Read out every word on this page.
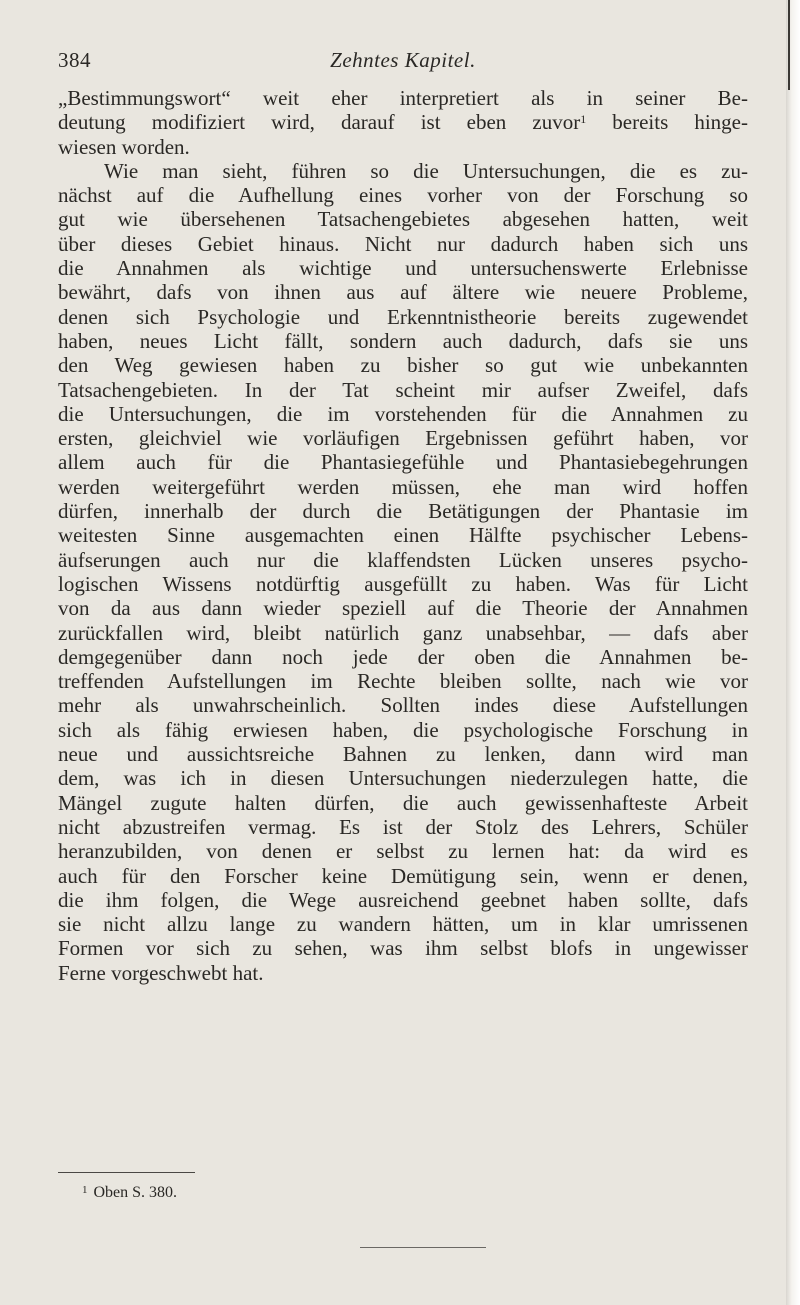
384	Zehntes Kapitel.
„Bestimmungswort“ weit eher interpretiert als in seiner Be-
deutung modifiziert wird, darauf ist eben zuvor$^1$ bereits hinge-
wiesen worden.
Wie man sieht, führen so die Untersuchungen, die es zu-
nächst auf die Aufhellung eines vorher von der Forschung so
gut wie übersehenen Tatsachengebietes abgesehen hatten, weit
über dieses Gebiet hinaus. Nicht nur dadurch haben sich uns
die Annahmen als wichtige und untersuchenswerte Erlebnisse
bewährt, dafs von ihnen aus auf ältere wie neuere Probleme,
denen sich Psychologie und Erkenntnistheorie bereits zugewendet
haben, neues Licht fällt, sondern auch dadurch, dafs sie uns
den Weg gewiesen haben zu bisher so gut wie unbekannten
Tatsachengebieten. In der Tat scheint mir aufser Zweifel, dafs
die Untersuchungen, die im vorstehenden für die Annahmen zu
ersten, gleichviel wie vorläufigen Ergebnissen geführt haben, vor
allem auch für die Phantasiegefühle und Phantasiebegehrungen
werden weitergeführt werden müssen, ehe man wird hoffen
dürfen, innerhalb der durch die Betätigungen der Phantasie im
weitesten Sinne ausgemachten einen Hälfte psychischer Lebens-
äufserungen auch nur die klaffendsten Lücken unseres psycho-
logischen Wissens notdürftig ausgefüllt zu haben. Was für Licht
von da aus dann wieder speziell auf die Theorie der Annahmen
zurückfallen wird, bleibt natürlich ganz unabsehbar, — dafs aber
demgegenüber dann noch jede der oben die Annahmen be-
treffenden Aufstellungen im Rechte bleiben sollte, nach wie vor
mehr als unwahrscheinlich. Sollten indes diese Aufstellungen
sich als fähig erwiesen haben, die psychologische Forschung in
neue und aussichtsreiche Bahnen zu lenken, dann wird man
dem, was ich in diesen Untersuchungen niederzulegen hatte, die
Mängel zugute halten dürfen, die auch gewissenhafteste Arbeit
nicht abzustreifen vermag. Es ist der Stolz des Lehrers, Schüler
heranzubilden, von denen er selbst zu lernen hat: da wird es
auch für den Forscher keine Demütigung sein, wenn er denen,
die ihm folgen, die Wege ausreichend geebnet haben sollte, dafs
sie nicht allzu lange zu wandern hätten, um in klar umrissenen
Formen vor sich zu sehen, was ihm selbst blofs in ungewisser
Ferne vorgeschwebt hat.
$^1$ Oben S. 380.
